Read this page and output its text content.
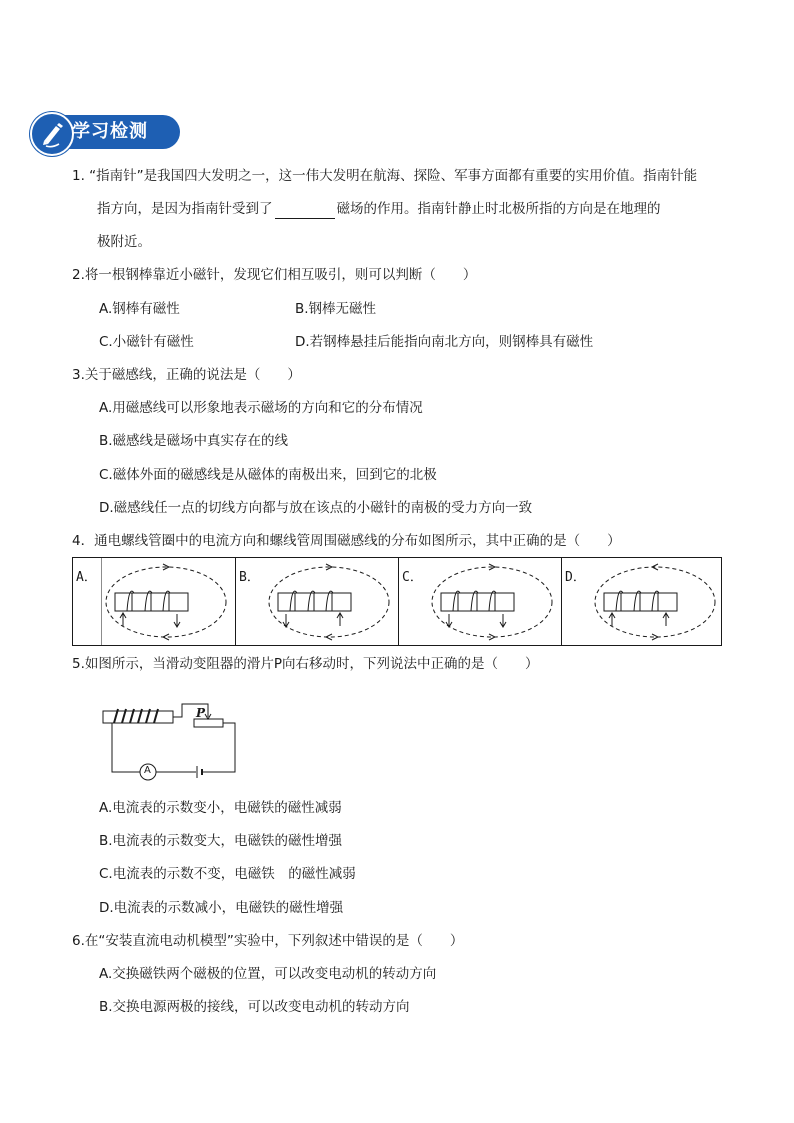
学习检测
1. “指南针”是我国四大发明之一，这一伟大发明在航海、探险、军事方面都有重要的实用价值。指南针能
指方向，是因为指南针受到了	磁场的作用。指南针静止时北极所指的方向是在地理的
极附近。
2.将一根钢棒靠近小磁针，发现它们相互吸引，则可以判断（　　）
A.钢棒有磁性	B.钢棒无磁性
C.小磁针有磁性	D.若钢棒悬挂后能指向南北方向，则钢棒具有磁性
3.关于磁感线，正确的说法是（　　）
A.用磁感线可以形象地表示磁场的方向和它的分布情况
B.磁感线是磁场中真实存在的线
C.磁体外面的磁感线是从磁体的南极出来，回到它的北极
D.磁感线任一点的切线方向都与放在该点的小磁针的南极的受力方向一致
4．通电螺线管圈中的电流方向和螺线管周围磁感线的分布如图所示，其中正确的是（　　）
A．	B．	C．	D．
5.如图所示，当滑动变阻器的滑片P向右移动时，下列说法中正确的是（　　）
P
A
A.电流表的示数变小，电磁铁的磁性减弱
B.电流表的示数变大，电磁铁的磁性增强
C.电流表的示数不变，电磁铁　的磁性减弱
D.电流表的示数减小，电磁铁的磁性增强
6.在“安装直流电动机模型”实验中，下列叙述中错误的是（　　）
A.交换磁铁两个磁极的位置，可以改变电动机的转动方向
B.交换电源两极的接线，可以改变电动机的转动方向
